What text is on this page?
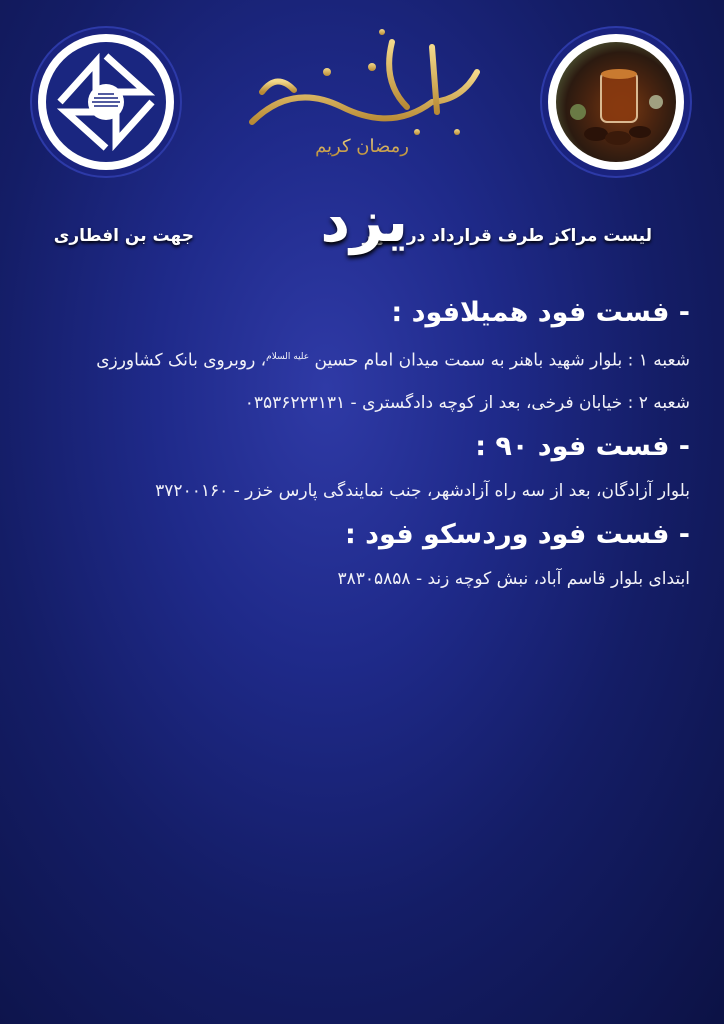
رمضان کریم
لیست مراکز طرف قرارداد در شهر
یزد
جهت بن افطاری
- فست فود همیلافود :
شعبه ۱ : بلوار شهید باهنر به سمت میدان امام حسین $^{علیه السلام}$، روبروی بانک کشاورزی
شعبه ۲ : خیابان فرخی، بعد از کوچه دادگستری - ۰۳۵۳۶۲۲۳۱۳۱
- فست فود ۹۰ :
بلوار آزادگان، بعد از سه راه آزادشهر، جنب نمایندگی پارس خزر - ۳۷۲۰۰۱۶۰
- فست فود وردسکو فود :
ابتدای بلوار قاسم آباد، نبش کوچه زند - ۳۸۳۰۵۸۵۸
